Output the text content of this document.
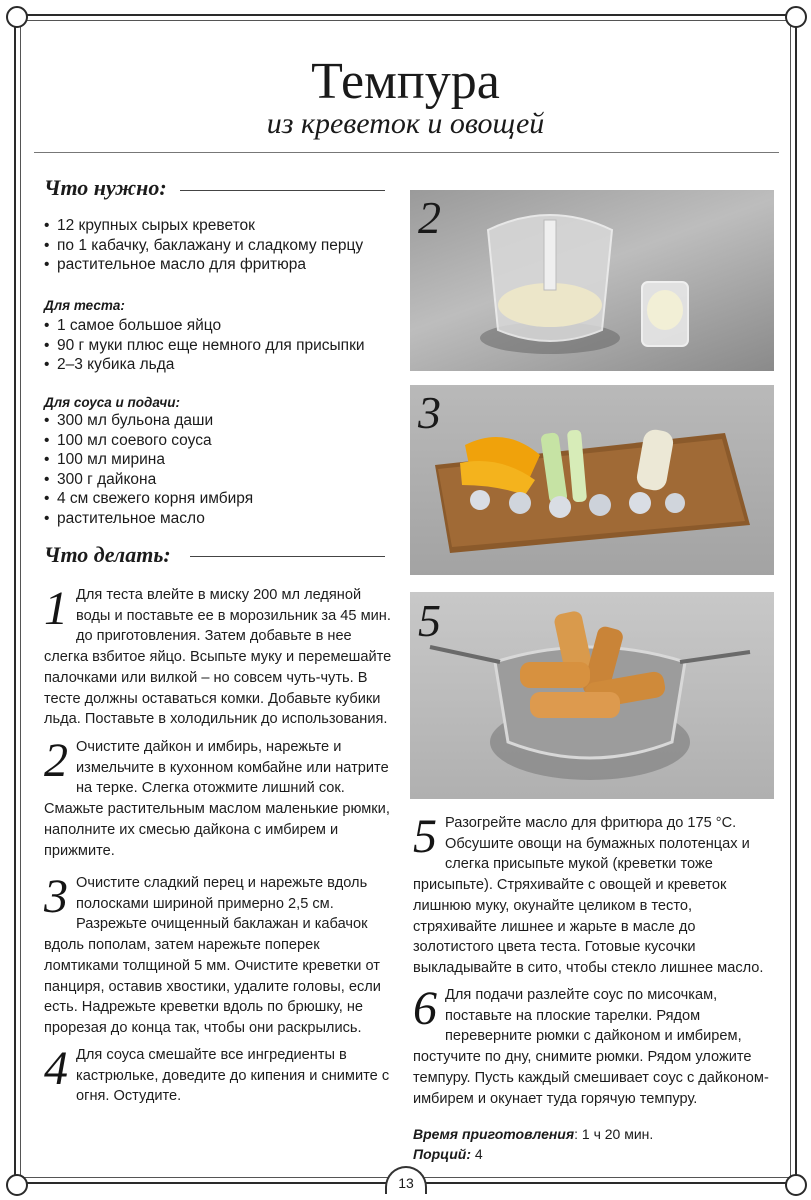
Темпура
из креветок и овощей
Что нужно:
• 12 крупных сырых креветок
• по 1 кабачку, баклажану и сладкому перцу
• растительное масло для фритюра
Для теста:
• 1 самое большое яйцо
• 90 г муки плюс еще немного для присыпки
• 2–3 кубика льда
Для соуса и подачи:
• 300 мл бульона даши
• 100 мл соевого соуса
• 100 мл мирина
• 300 г дайкона
• 4 см свежего корня имбиря
• растительное масло
Что делать:
1 Для теста влейте в миску 200 мл ледяной воды и поставьте ее в морозильник за 45 мин. до приготовления. Затем добавьте в нее слегка взбитое яйцо. Всыпьте муку и перемешайте палочками или вилкой – но совсем чуть-чуть. В тесте должны оставаться комки. Добавьте кубики льда. Поставьте в холодильник до использования.
2 Очистите дайкон и имбирь, нарежьте и измельчите в кухонном комбайне или натрите на терке. Слегка отожмите лишний сок. Смажьте растительным маслом маленькие рюмки, наполните их смесью дайкона с имбирем и прижмите.
3 Очистите сладкий перец и нарежьте вдоль полосками шириной примерно 2,5 см. Разрежьте очищенный баклажан и кабачок вдоль пополам, затем нарежьте поперек ломтиками толщиной 5 мм. Очистите креветки от панциря, оставив хвостики, удалите головы, если есть. Надрежьте креветки вдоль по брюшку, не прорезая до конца так, чтобы они раскрылись.
4 Для соуса смешайте все ингредиенты в кастрюльке, доведите до кипения и снимите с огня. Остудите.
5 Разогрейте масло для фритюра до 175 °C. Обсушите овощи на бумажных полотенцах и слегка присыпьте мукой (креветки тоже присыпьте). Стряхивайте с овощей и креветок лишнюю муку, окунайте целиком в тесто, стряхивайте лишнее и жарьте в масле до золотистого цвета теста. Готовые кусочки выкладывайте в сито, чтобы стекло лишнее масло.
6 Для подачи разлейте соус по мисочкам, поставьте на плоские тарелки. Рядом переверните рюмки с дайконом и имбирем, постучите по дну, снимите рюмки. Рядом уложите темпуру. Пусть каждый смешивает соус с дайконом-имбирем и окунает туда горячую темпуру.
2
3
5
Время приготовления: 1 ч 20 мин.
Порций: 4
13
